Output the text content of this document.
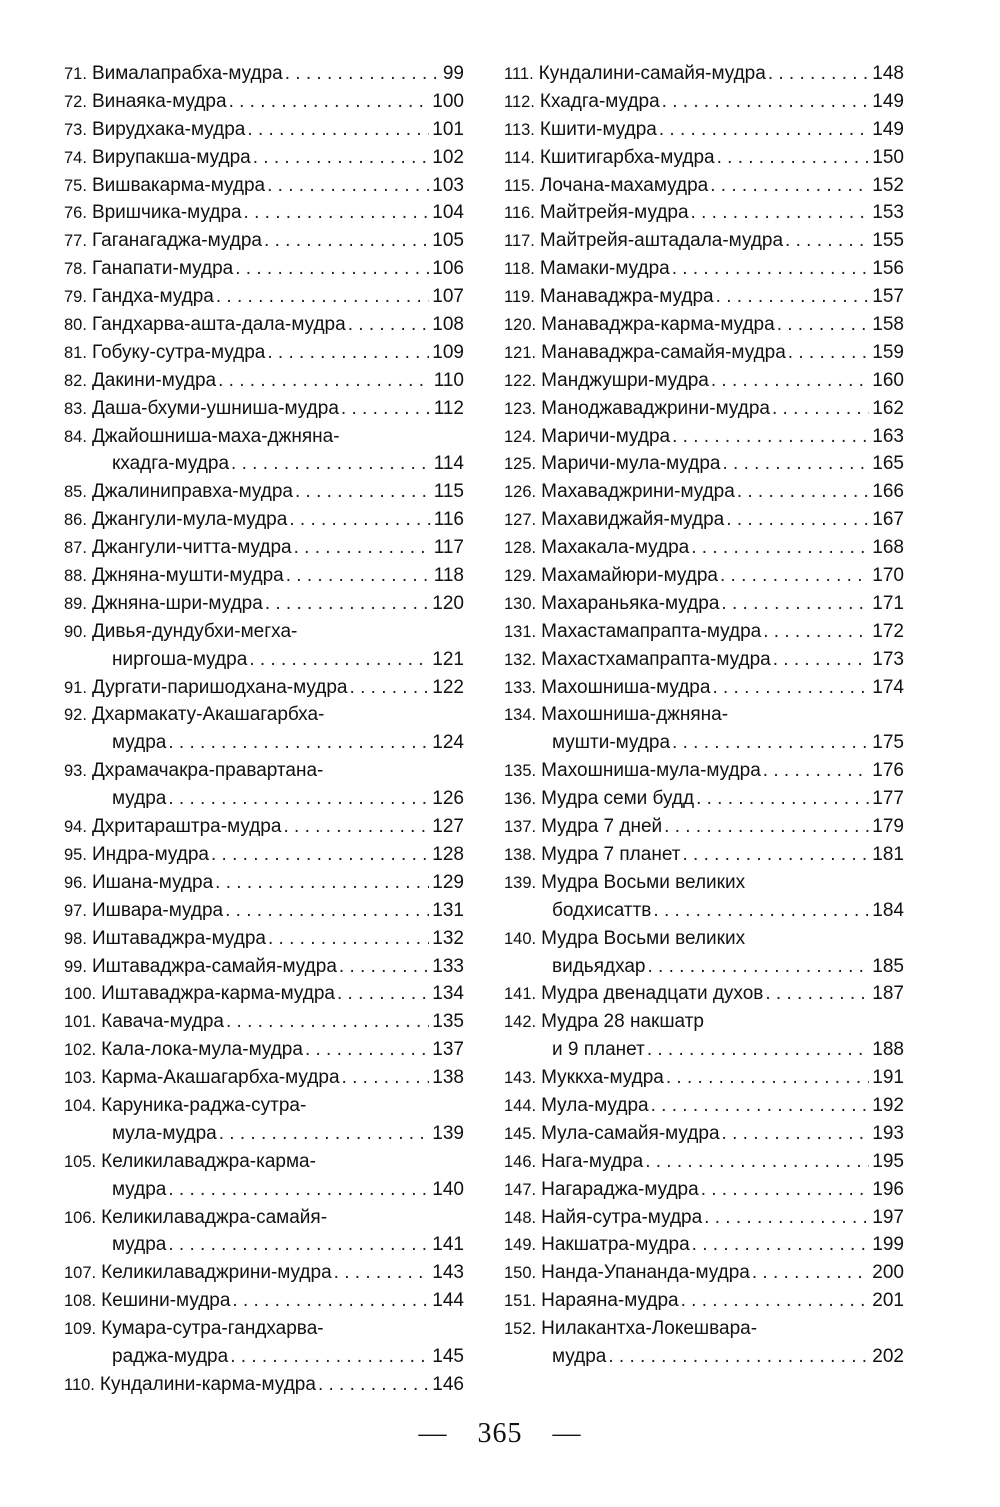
71. Вималапрабха-мудра . . .	99
72. Винаяка-мудра . . .	100
73. Вирудхака-мудра . . .	101
74. Вирупакша-мудра . . .	102
75. Вишвакарма-мудра . . .	103
76. Вришчика-мудра . . .	104
77. Гаганагаджа-мудра . . .	105
78. Ганапати-мудра . . .	106
79. Гандха-мудра . . .	107
80. Гандхарва-ашта-дала-мудра . . .	108
81. Гобуку-сутра-мудра . . .	109
82. Дакини-мудра . . .	110
83. Даша-бхуми-ушниша-мудра . . .	112
84. Джайошниша-маха-джняна-
кхадга-мудра . . .	114
85. Джалиниправха-мудра . . .	115
86. Джангули-мула-мудра . . .	116
87. Джангули-читта-мудра . . .	117
88. Джняна-мушти-мудра . . .	118
89. Джняна-шри-мудра . . .	120
90. Дивья-дундубхи-мегха-
ниргоша-мудра . . .	121
91. Дургати-паришодхана-мудра . . .	122
92. Дхармакату-Акашагарбха-
мудра . . .	124
93. Дхрамачакра-правартана-
мудра . . .	126
94. Дхритараштра-мудра . . .	127
95. Индра-мудра . . .	128
96. Ишана-мудра . . .	129
97. Ишвара-мудра . . .	131
98. Иштаваджра-мудра . . .	132
99. Иштаваджра-самайя-мудра . . .	133
100. Иштаваджра-карма-мудра . . .	134
101. Кавача-мудра . . .	135
102. Кала-лока-мула-мудра . . .	137
103. Карма-Акашагарбха-мудра . . .	138
104. Каруника-раджа-сутра-
мула-мудра . . .	139
105. Келикилаваджра-карма-
мудра . . .	140
106. Келикилаваджра-самайя-
мудра . . .	141
107. Келикилаваджрини-мудра . . .	143
108. Кешини-мудра . . .	144
109. Кумара-сутра-гандхарва-
раджа-мудра . . .	145
110. Кундалини-карма-мудра . . .	146
111. Кундалини-самайя-мудра . . .	148
112. Кхадга-мудра . . .	149
113. Кшити-мудра . . .	149
114. Кшитигарбха-мудра . . .	150
115. Лочана-махамудра . . .	152
116. Майтрейя-мудра . . .	153
117. Майтрейя-аштадала-мудра . . .	155
118. Мамаки-мудра . . .	156
119. Манаваджра-мудра . . .	157
120. Манаваджра-карма-мудра . . .	158
121. Манаваджра-самайя-мудра . . .	159
122. Манджушри-мудра . . .	160
123. Маноджаваджрини-мудра . . .	162
124. Маричи-мудра . . .	163
125. Маричи-мула-мудра . . .	165
126. Махаваджрини-мудра . . .	166
127. Махавиджайя-мудра . . .	167
128. Махакала-мудра . . .	168
129. Махамайюри-мудра . . .	170
130. Махараньяка-мудра . . .	171
131. Махастамапрапта-мудра . . .	172
132. Махастхамапрапта-мудра . . .	173
133. Махошниша-мудра . . .	174
134. Махошниша-джняна-
мушти-мудра . . .	175
135. Махошниша-мула-мудра . . .	176
136. Мудра семи будд . . .	177
137. Мудра 7 дней . . .	179
138. Мудра 7 планет . . .	181
139. Мудра Восьми великих
бодхисаттв . . .	184
140. Мудра Восьми великих
видьядхар . . .	185
141. Мудра двенадцати духов . . .	187
142. Мудра 28 накшатр
и 9 планет . . .	188
143. Муккха-мудра . . .	191
144. Мула-мудра . . .	192
145. Мула-самайя-мудра . . .	193
146. Нага-мудра . . .	195
147. Нагараджа-мудра . . .	196
148. Найя-сутра-мудра . . .	197
149. Накшатра-мудра . . .	199
150. Нанда-Упананда-мудра . . .	200
151. Нараяна-мудра . . .	201
152. Нилакантха-Локешвара-
мудра . . .	202
— 365 —
